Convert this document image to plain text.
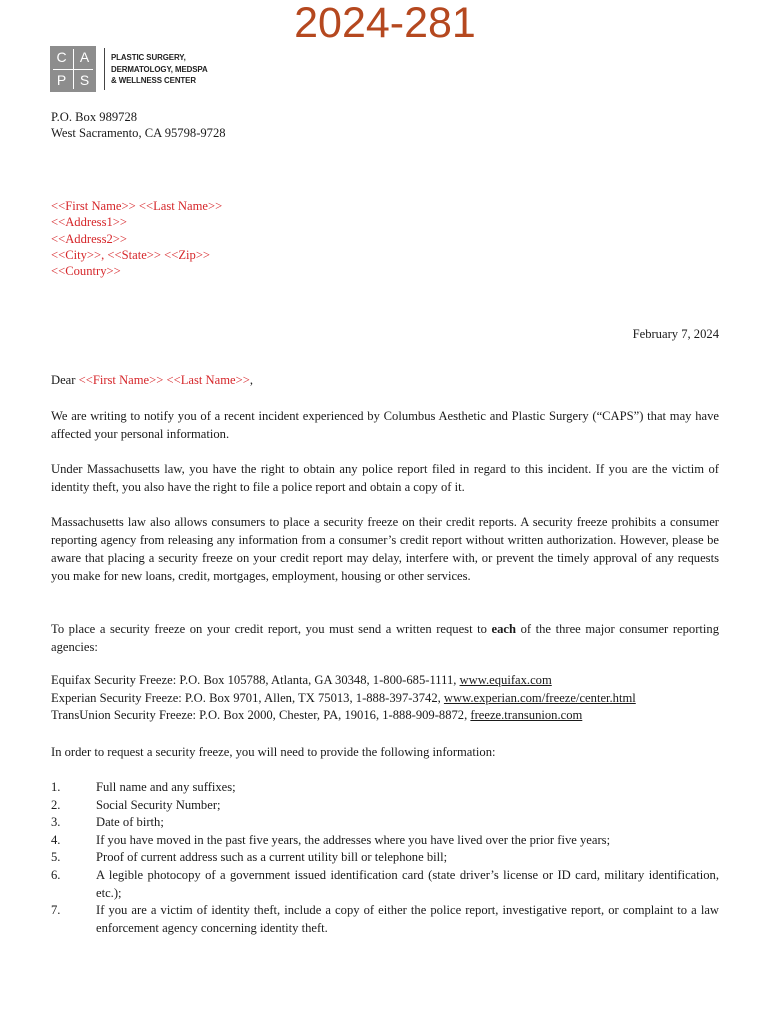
2024-281
C A
P S
PLASTIC SURGERY,
DERMATOLOGY, MEDSPA
& WELLNESS CENTER
P.O. Box 989728
West Sacramento, CA 95798-9728
<<First Name>> <<Last Name>>
<<Address1>>
<<Address2>>
<<City>>, <<State>> <<Zip>>
<<Country>>
February 7, 2024
Dear <<First Name>> <<Last Name>>,
We are writing to notify you of a recent incident experienced by Columbus Aesthetic and Plastic Surgery (“CAPS”) that may have affected your personal information.
Under Massachusetts law, you have the right to obtain any police report filed in regard to this incident. If you are the victim of identity theft, you also have the right to file a police report and obtain a copy of it.
Massachusetts law also allows consumers to place a security freeze on their credit reports. A security freeze prohibits a consumer reporting agency from releasing any information from a consumer’s credit report without written authorization. However, please be aware that placing a security freeze on your credit report may delay, interfere with, or prevent the timely approval of any requests you make for new loans, credit, mortgages, employment, housing or other services.
To place a security freeze on your credit report, you must send a written request to each of the three major consumer reporting agencies:
Equifax Security Freeze: P.O. Box 105788, Atlanta, GA 30348, 1-800-685-1111, www.equifax.com
Experian Security Freeze: P.O. Box 9701, Allen, TX 75013, 1-888-397-3742, www.experian.com/freeze/center.html
TransUnion Security Freeze: P.O. Box 2000, Chester, PA, 19016, 1-888-909-8872, freeze.transunion.com
In order to request a security freeze, you will need to provide the following information:
1.	Full name and any suffixes;
2.	Social Security Number;
3.	Date of birth;
4.	If you have moved in the past five years, the addresses where you have lived over the prior five years;
5.	Proof of current address such as a current utility bill or telephone bill;
6.	A legible photocopy of a government issued identification card (state driver’s license or ID card, military identification, etc.);
7.	If you are a victim of identity theft, include a copy of either the police report, investigative report, or complaint to a law enforcement agency concerning identity theft.
